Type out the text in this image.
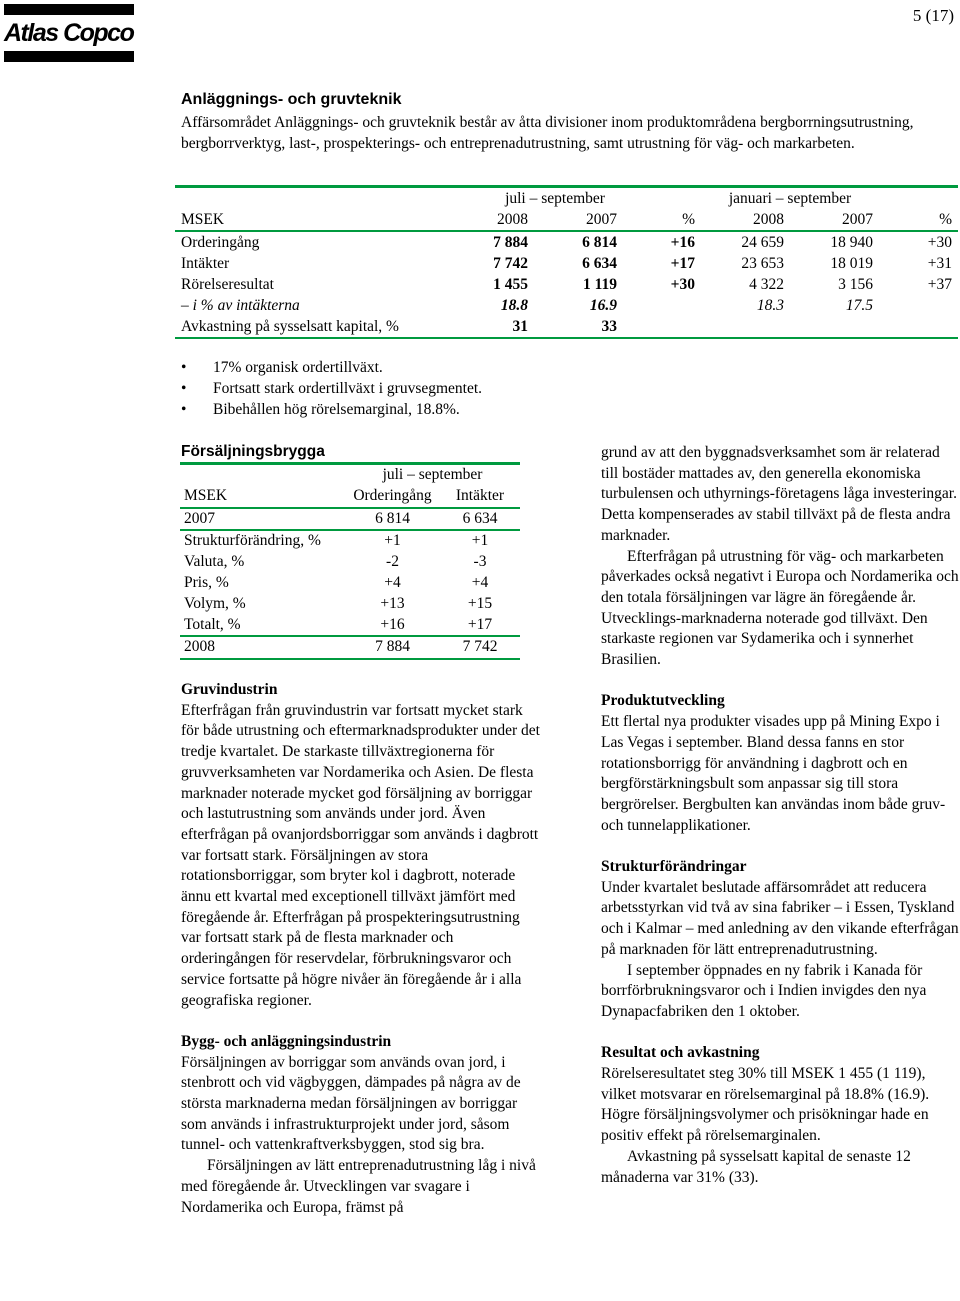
Atlas Copco
5 (17)
Anläggnings- och gruvteknik

Affärsområdet Anläggnings- och gruvteknik består av åtta divisioner inom produktområdena bergborrningsutrustning, bergborrverktyg, last-, prospekterings- och entreprenadutrustning, samt utrustning för väg- och markarbeten.

	juli – september			januari – september		
MSEK	2008	2007	%	2008	2007	%
Orderingång	7 884	6 814	+16	24 659	18 940	+30
Intäkter	7 742	6 634	+17	23 653	18 019	+31
Rörelseresultat	1 455	1 119	+30	4 322	3 156	+37
– i % av intäkterna	18.8	16.9		18.3	17.5	
Avkastning på sysselsatt kapital, %	31	33				
• 17% organisk ordertillväxt.
• Fortsatt stark ordertillväxt i gruvsegmentet.
• Bibehållen hög rörelsemarginal, 18.8%.
Försäljningsbrygga
	juli – september	
MSEK	Orderingång	Intäkter
2007	6 814	6 634
Strukturförändring, %	+1	+1
Valuta, %	-2	-3
Pris, %	+4	+4
Volym, %	+13	+15
Totalt, %	+16	+17
2008	7 884	7 742
Gruvindustrin

Efterfrågan från gruvindustrin var fortsatt mycket stark för både utrustning och eftermarknadsprodukter under det tredje kvartalet. De starkaste tillväxtregionerna för gruvverksamheten var Nordamerika och Asien. De flesta marknader noterade mycket god försäljning av borriggar och lastutrustning som används under jord. Även efterfrågan på ovanjordsborriggar som används i dagbrott var fortsatt stark. Försäljningen av stora rotationsborriggar, som bryter kol i dagbrott, noterade ännu ett kvartal med exceptionell tillväxt jämfört med föregående år. Efterfrågan på prospekteringsutrustning var fortsatt stark på de flesta marknader och orderingången för reservdelar, förbrukningsvaror och service fortsatte på högre nivåer än föregående år i alla geografiska regioner.

Bygg- och anläggningsindustrin

Försäljningen av borriggar som används ovan jord, i stenbrott och vid vägbyggen, dämpades på några av de största marknaderna medan försäljningen av borriggar som används i infrastrukturprojekt under jord, såsom tunnel- och vattenkraftverksbyggen, stod sig bra.

Försäljningen av lätt entreprenadutrustning låg i nivå med föregående år. Utvecklingen var svagare i Nordamerika och Europa, främst på

grund av att den byggnadsverksamhet som är relaterad till bostäder mattades av, den generella ekonomiska turbulensen och uthyrnings-företagens låga investeringar. Detta kompenserades av stabil tillväxt på de flesta andra marknader.

Efterfrågan på utrustning för väg- och markarbeten påverkades också negativt i Europa och Nordamerika och den totala försäljningen var lägre än föregående år. Utvecklings-marknaderna noterade god tillväxt. Den starkaste regionen var Sydamerika och i synnerhet Brasilien.

Produktutveckling

Ett flertal nya produkter visades upp på Mining Expo i Las Vegas i september. Bland dessa fanns en stor rotationsborrigg för användning i dagbrott och en bergförstärkningsbult som anpassar sig till stora bergrörelser. Bergbulten kan användas inom både gruv- och tunnelapplikationer.

Strukturförändringar

Under kvartalet beslutade affärsområdet att reducera arbetsstyrkan vid två av sina fabriker – i Essen, Tyskland och i Kalmar – med anledning av den vikande efterfrågan på marknaden för lätt entreprenadutrustning.

I september öppnades en ny fabrik i Kanada för borrförbrukningsvaror och i Indien invigdes den nya Dynapacfabriken den 1 oktober.

Resultat och avkastning

Rörelseresultatet steg 30% till MSEK 1 455 (1 119), vilket motsvarar en rörelsemarginal på 18.8% (16.9). Högre försäljningsvolymer och prisökningar hade en positiv effekt på rörelsemarginalen.

Avkastning på sysselsatt kapital de senaste 12 månaderna var 31% (33).
